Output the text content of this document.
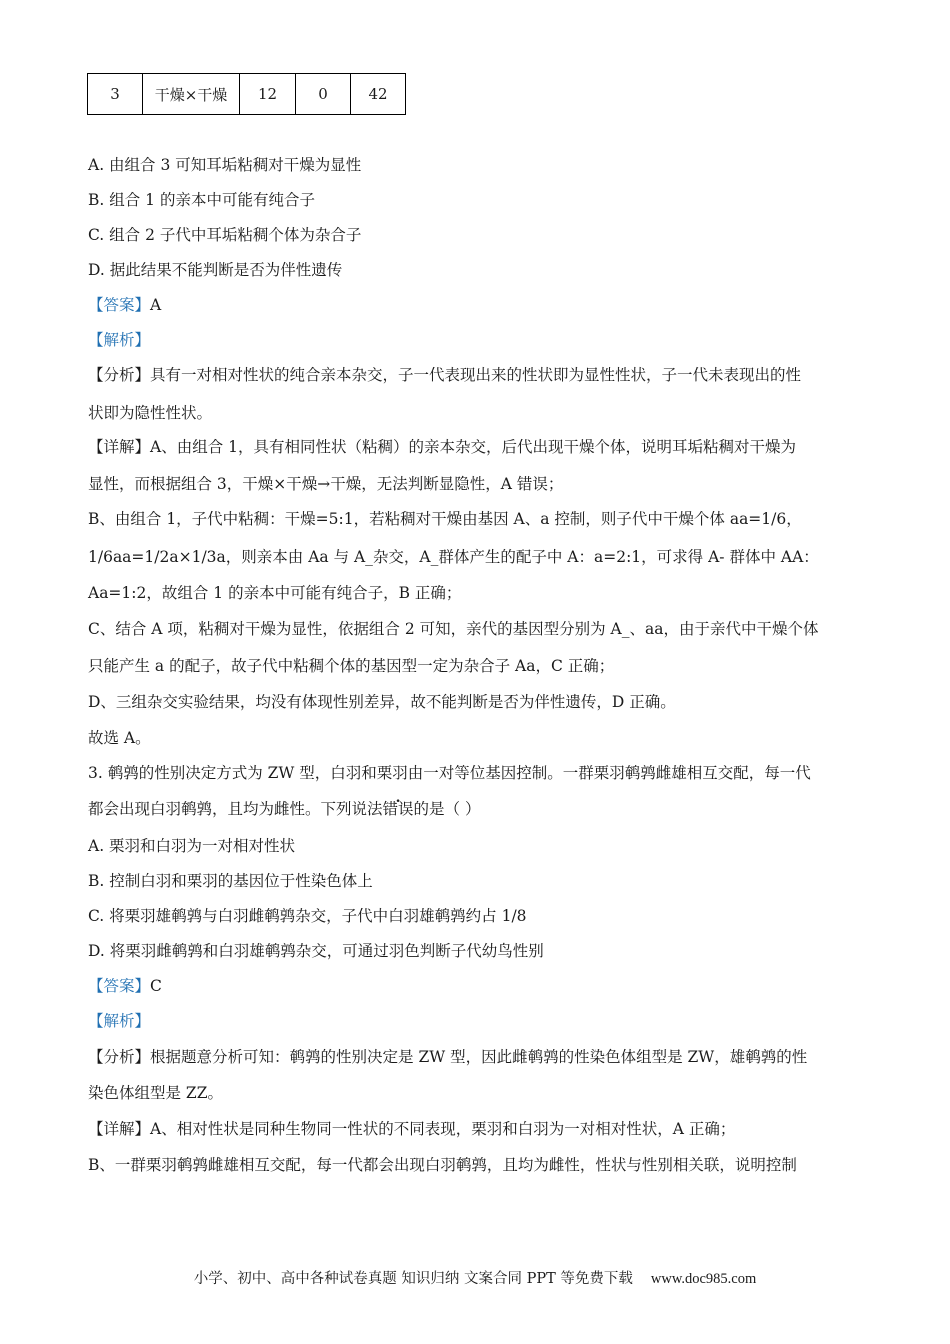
3	干燥×干燥	12	0	42
A. 由组合 3 可知耳垢粘稠对干燥为显性
B. 组合 1 的亲本中可能有纯合子
C. 组合 2 子代中耳垢粘稠个体为杂合子
D. 据此结果不能判断是否为伴性遗传
【答案】A
【解析】
【分析】具有一对相对性状的纯合亲本杂交，子一代表现出来的性状即为显性性状，子一代未表现出的性
状即为隐性性状。
【详解】A、由组合 1，具有相同性状（粘稠）的亲本杂交，后代出现干燥个体，说明耳垢粘稠对干燥为
显性，而根据组合 3，干燥×干燥→干燥，无法判断显隐性，A 错误；
B、由组合 1，子代中粘稠：干燥=5:1，若粘稠对干燥由基因 A、a 控制，则子代中干燥个体 aa=1/6，
1/6aa=1/2a×1/3a，则亲本由 Aa 与 A_杂交，A_群体产生的配子中 A：a=2:1，可求得 A- 群体中 AA：
Aa=1:2，故组合 1 的亲本中可能有纯合子，B 正确；
C、结合 A 项，粘稠对干燥为显性，依据组合 2 可知，亲代的基因型分别为 A_、aa，由于亲代中干燥个体
只能产生 a 的配子，故子代中粘稠个体的基因型一定为杂合子 Aa，C 正确；
D、三组杂交实验结果，均没有体现性别差异，故不能判断是否为伴性遗传，D 正确。
故选 A。
3. 鹌鹑的性别决定方式为 ZW 型，白羽和栗羽由一对等位基因控制。一群栗羽鹌鹑雌雄相互交配，每一代
都会出现白羽鹌鹑，且均为雌性。下列说法错误的是（ ）
A. 栗羽和白羽为一对相对性状
B. 控制白羽和栗羽的基因位于性染色体上
C. 将栗羽雄鹌鹑与白羽雌鹌鹑杂交，子代中白羽雄鹌鹑约占 1/8
D. 将栗羽雌鹌鹑和白羽雄鹌鹑杂交，可通过羽色判断子代幼鸟性别
【答案】C
【解析】
【分析】根据题意分析可知：鹌鹑的性别决定是 ZW 型，因此雌鹌鹑的性染色体组型是 ZW，雄鹌鹑的性
染色体组型是 ZZ。
【详解】A、相对性状是同种生物同一性状的不同表现，栗羽和白羽为一对相对性状，A 正确；
B、一群栗羽鹌鹑雌雄相互交配，每一代都会出现白羽鹌鹑，且均为雌性，性状与性别相关联，说明控制
小学、初中、高中各种试卷真题 知识归纳 文案合同 PPT 等免费下载 www.doc985.com
